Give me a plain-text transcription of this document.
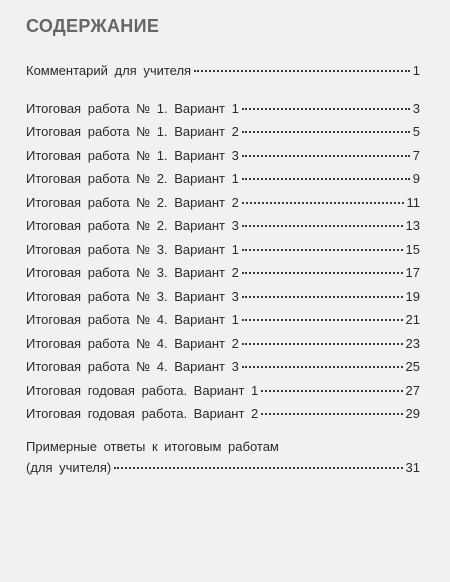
СОДЕРЖАНИЕ
Комментарий для учителя	1
Итоговая работа № 1. Вариант 1	3
Итоговая работа № 1. Вариант 2	5
Итоговая работа № 1. Вариант 3	7
Итоговая работа № 2. Вариант 1	9
Итоговая работа № 2. Вариант 2	11
Итоговая работа № 2. Вариант 3	13
Итоговая работа № 3. Вариант 1	15
Итоговая работа № 3. Вариант 2	17
Итоговая работа № 3. Вариант 3	19
Итоговая работа № 4. Вариант 1	21
Итоговая работа № 4. Вариант 2	23
Итоговая работа № 4. Вариант 3	25
Итоговая годовая работа. Вариант 1	27
Итоговая годовая работа. Вариант 2	29
Примерные ответы к итоговым работам
(для учителя)	31
